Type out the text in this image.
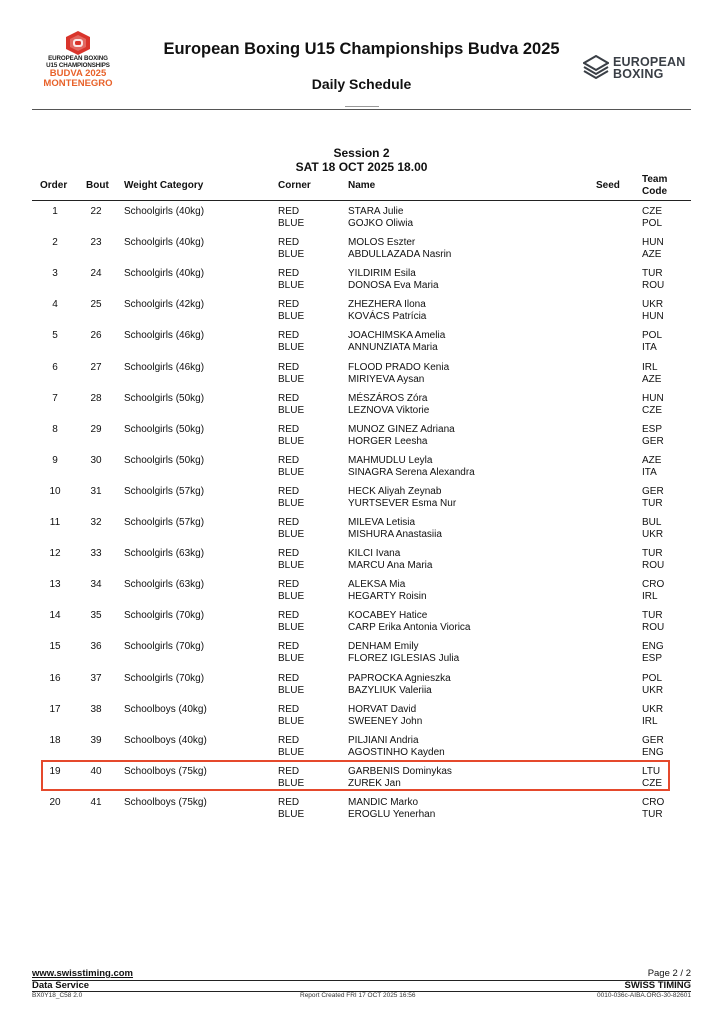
EUROPEAN BOXING
U15 CHAMPIONSHIPS
BUDVA 2025
MONTENEGRO
European Boxing U15 Championships Budva 2025
Daily Schedule
EUROPEAN
BOXING
Session 2
SAT 18 OCT 2025 18.00
Order Bout Weight Category	Corner	Name	Seed
Team
Code
1	22	Schoolgirls (40kg)	RED	STARA Julie	CZE
BLUE	GOJKO Oliwia	POL
2	23	Schoolgirls (40kg)	RED	MOLOS Eszter	HUN
BLUE	ABDULLAZADA Nasrin	AZE
3	24	Schoolgirls (40kg)	RED	YILDIRIM Esila	TUR
BLUE	DONOSA Eva Maria	ROU
4	25	Schoolgirls (42kg)	RED	ZHEZHERA Ilona	UKR
BLUE	KOVÁCS Patrícia	HUN
5	26	Schoolgirls (46kg)	RED	JOACHIMSKA Amelia	POL
BLUE	ANNUNZIATA Maria	ITA
6	27	Schoolgirls (46kg)	RED	FLOOD PRADO Kenia	IRL
BLUE	MIRIYEVA Aysan	AZE
7	28	Schoolgirls (50kg)	RED	MÉSZÁROS Zóra	HUN
BLUE	LEZNOVA Viktorie	CZE
8	29	Schoolgirls (50kg)	RED	MUNOZ GINEZ Adriana	ESP
BLUE	HORGER Leesha	GER
9	30	Schoolgirls (50kg)	RED	MAHMUDLU Leyla	AZE
BLUE	SINAGRA Serena Alexandra	ITA
10	31	Schoolgirls (57kg)	RED	HECK Aliyah Zeynab	GER
BLUE	YURTSEVER Esma Nur	TUR
11	32	Schoolgirls (57kg)	RED	MILEVA Letisia	BUL
BLUE	MISHURA Anastasiia	UKR
12	33	Schoolgirls (63kg)	RED	KILCI Ivana	TUR
BLUE	MARCU Ana Maria	ROU
13	34	Schoolgirls (63kg)	RED	ALEKSA Mia	CRO
BLUE	HEGARTY Roisin	IRL
14	35	Schoolgirls (70kg)	RED	KOCABEY Hatice	TUR
BLUE	CARP Erika Antonia Viorica	ROU
15	36	Schoolgirls (70kg)	RED	DENHAM Emily	ENG
BLUE	FLOREZ IGLESIAS Julia	ESP
16	37	Schoolgirls (70kg)	RED	PAPROCKA Agnieszka	POL
BLUE	BAZYLIUK Valeriia	UKR
17	38	Schoolboys (40kg)	RED	HORVAT David	UKR
BLUE	SWEENEY John	IRL
18	39	Schoolboys (40kg)	RED	PILJIANI Andria	GER
BLUE	AGOSTINHO Kayden	ENG
19	40	Schoolboys (75kg)	RED	GARBENIS Dominykas	LTU
BLUE	ZUREK Jan	CZE
20	41	Schoolboys (75kg)	RED	MANDIC Marko	CRO
BLUE	EROGLU Yenerhan	TUR
www.swisstiming.com	Page 2 / 2
Data Service	SWISS TIMING
BX0Y18_C58 2.0	Report Created FRI 17 OCT 2025 16:56	0010-036c-AIBA.ORG-30-82601
